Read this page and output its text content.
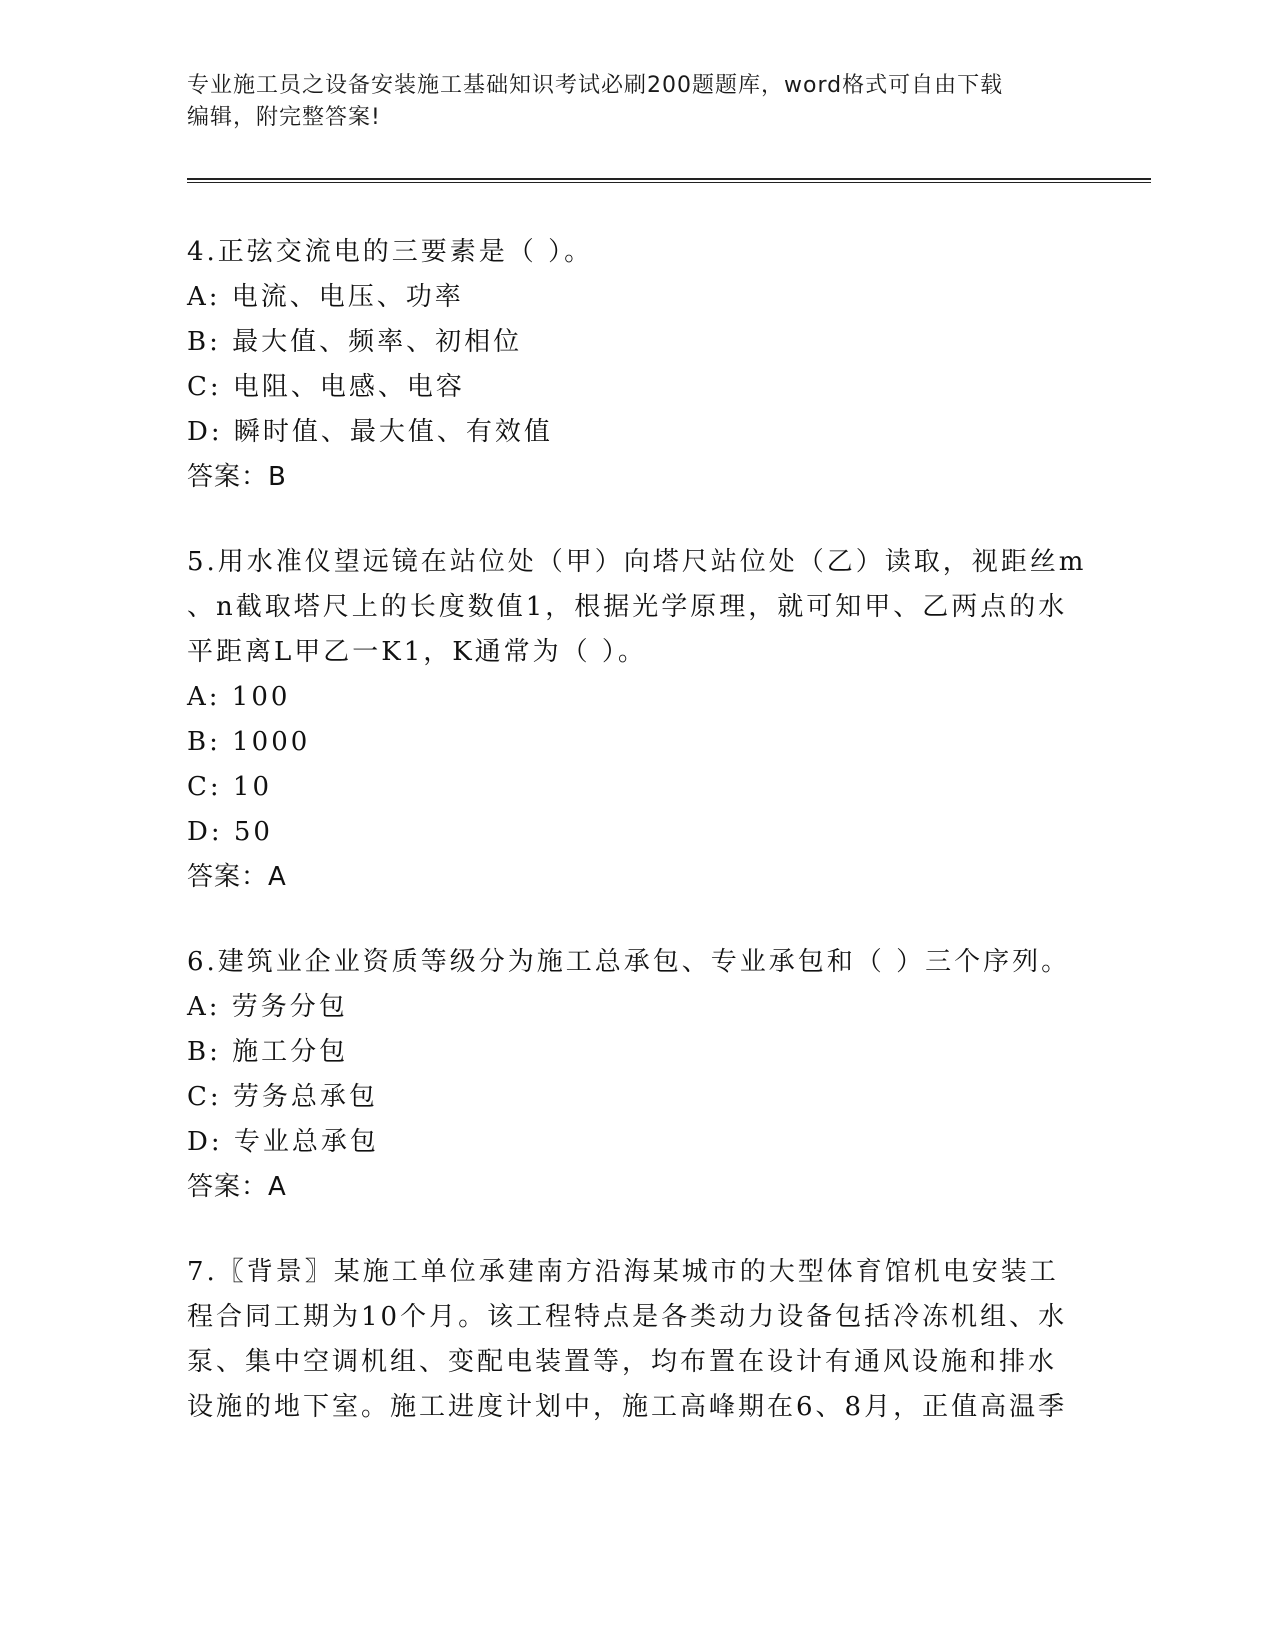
专业施工员之设备安装施工基础知识考试必刷200题题库，word格式可自由下载
编辑，附完整答案!

4.正弦交流电的三要素是（ ）。

A: 电流、电压、功率

B: 最大值、频率、初相位

C: 电阻、电感、电容

D: 瞬时值、最大值、有效值

答案：B

5.用水准仪望远镜在站位处（甲）向塔尺站位处（乙）读取，视距丝m

、n截取塔尺上的长度数值1，根据光学原理，就可知甲、乙两点的水

平距离L甲乙一K1，K通常为（ ）。

A: 100

B: 1000

C: 10

D: 50

答案：A

6.建筑业企业资质等级分为施工总承包、专业承包和（ ）三个序列。

A: 劳务分包

B: 施工分包

C: 劳务总承包

D: 专业总承包

答案：A

7.〖背景〗某施工单位承建南方沿海某城市的大型体育馆机电安装工

程合同工期为10个月。该工程特点是各类动力设备包括冷冻机组、水

泵、集中空调机组、变配电装置等，均布置在设计有通风设施和排水

设施的地下室。施工进度计划中，施工高峰期在6、8月，正值高温季
